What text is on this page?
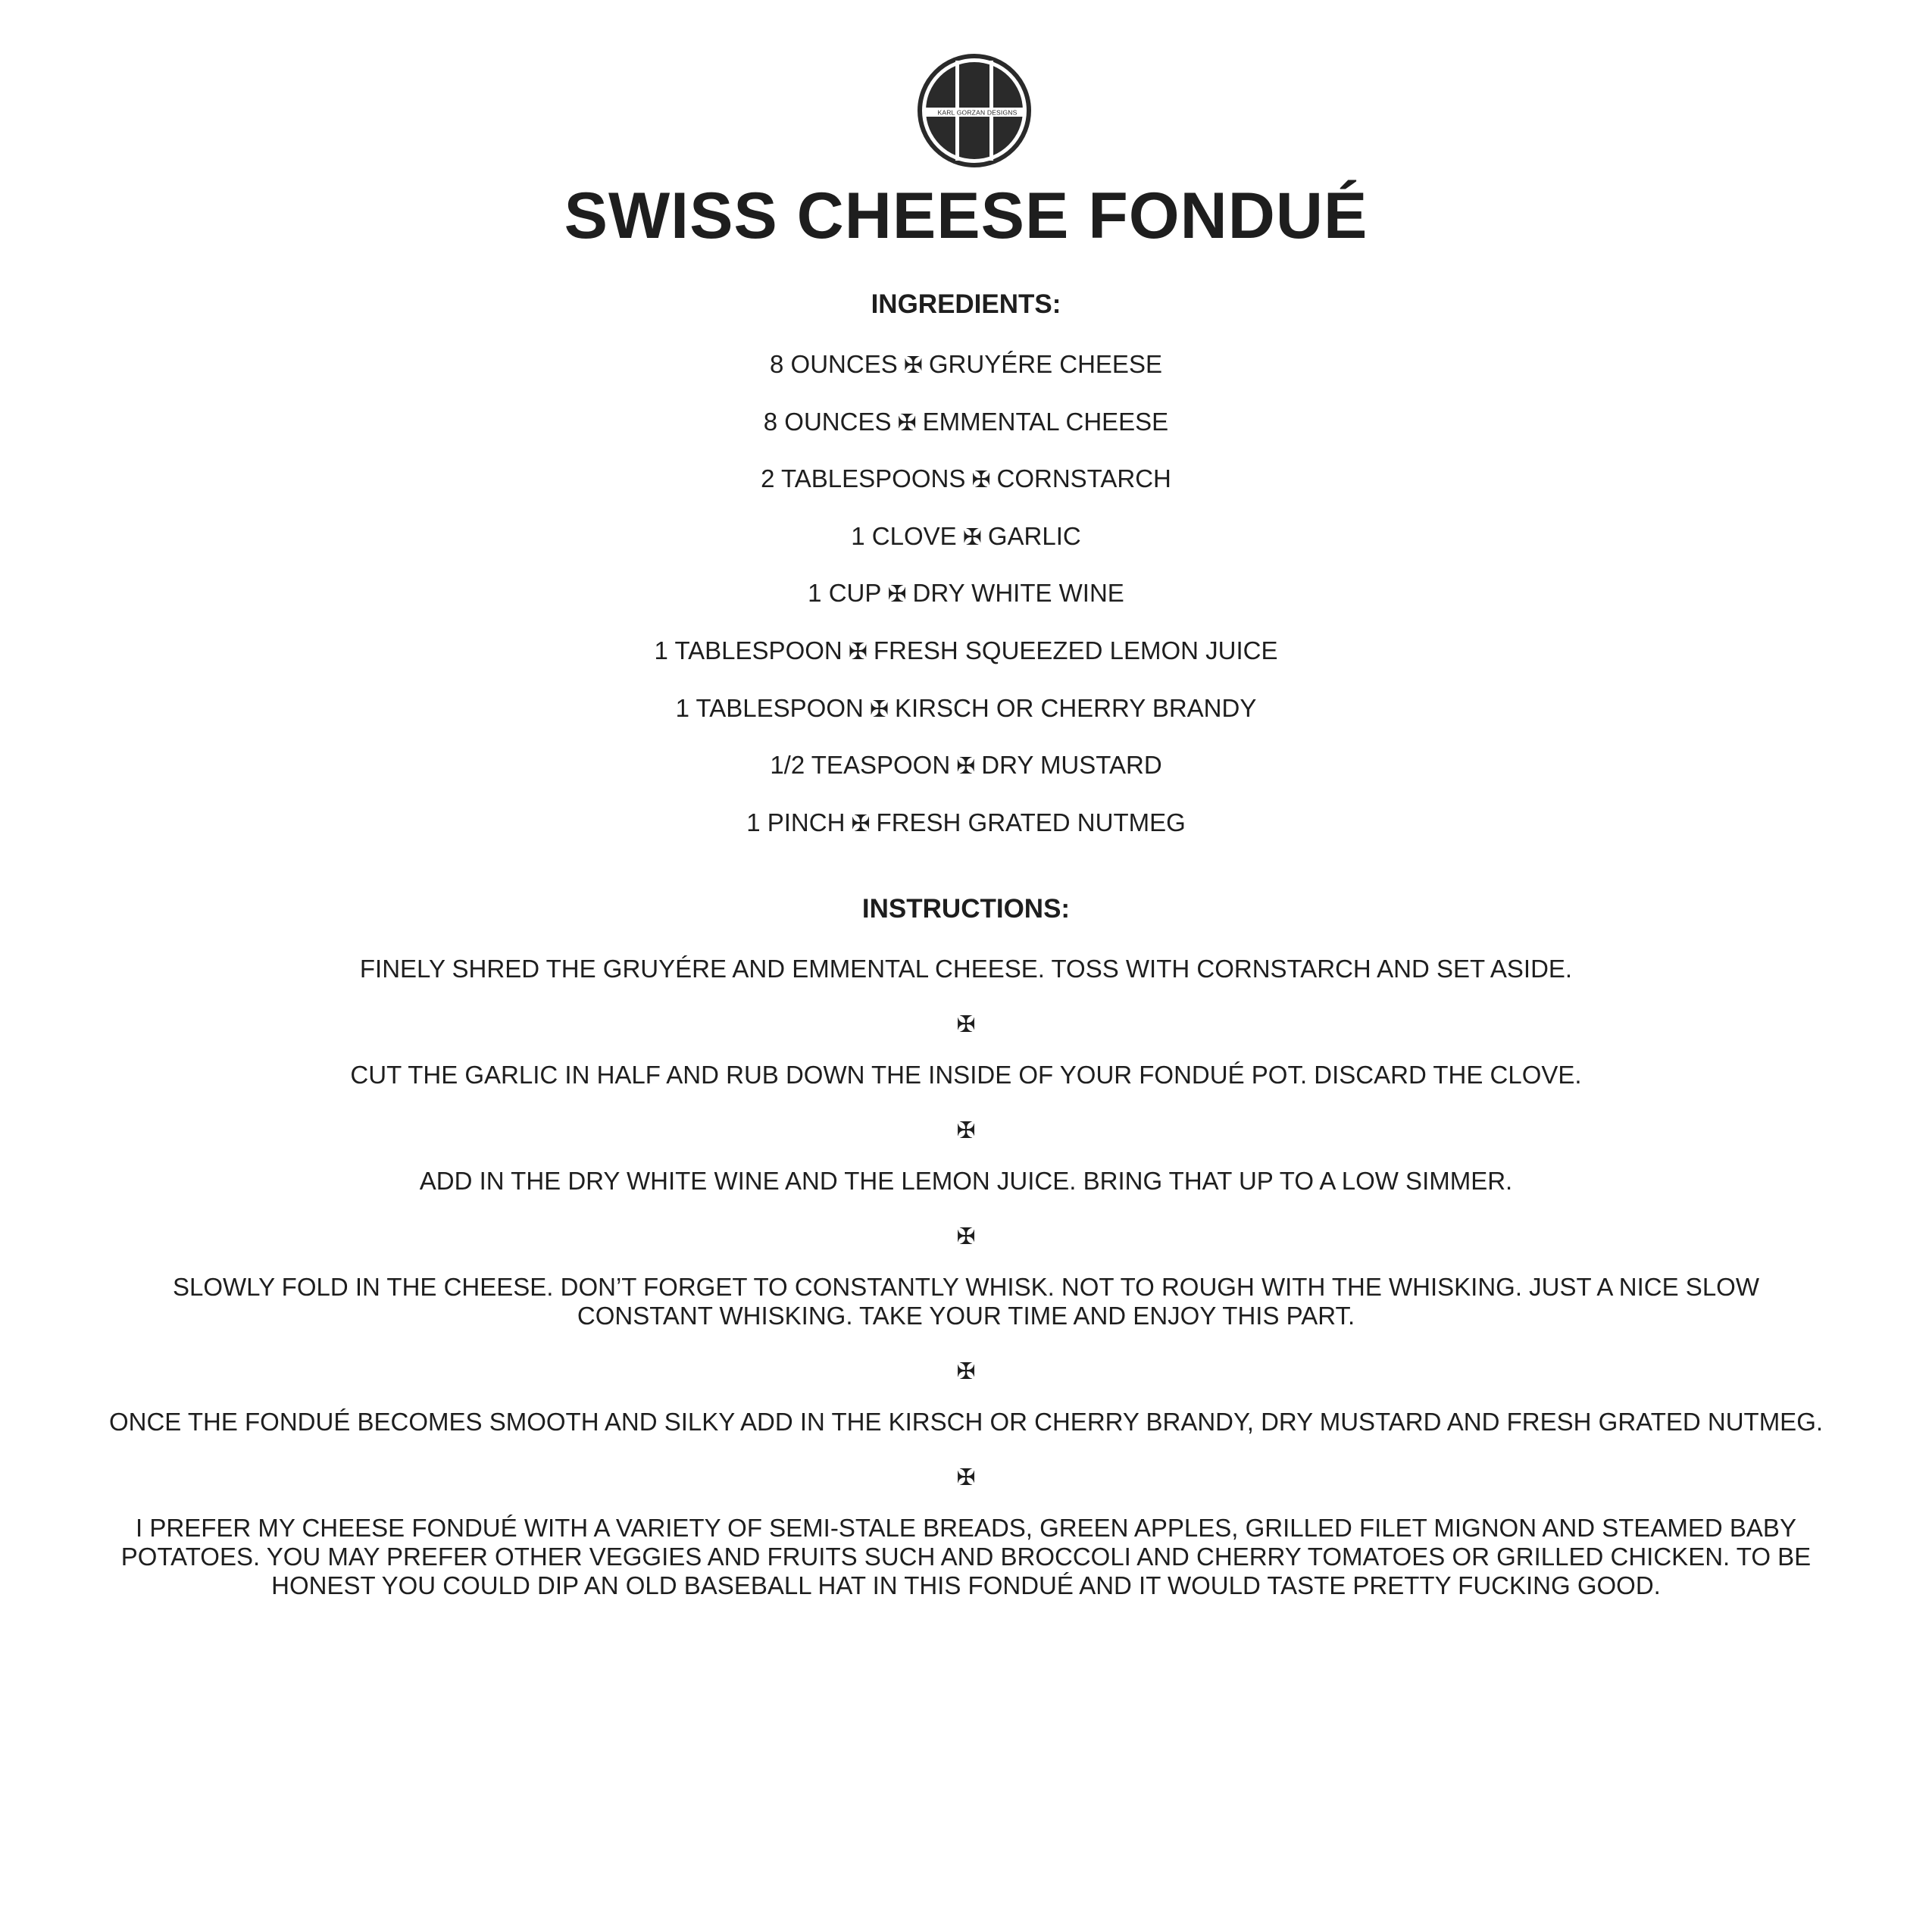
KARL GORZAN DESIGNS
SWISS CHEESE FONDUÉ
INGREDIENTS:
8 OUNCES ✠ GRUYÉRE CHEESE
8 OUNCES ✠ EMMENTAL CHEESE
2 TABLESPOONS ✠ CORNSTARCH
1 CLOVE ✠ GARLIC
1 CUP ✠ DRY WHITE WINE
1 TABLESPOON ✠ FRESH SQUEEZED LEMON JUICE
1 TABLESPOON ✠ KIRSCH OR CHERRY BRANDY
1/2 TEASPOON ✠ DRY MUSTARD
1 PINCH ✠ FRESH GRATED NUTMEG
INSTRUCTIONS:

FINELY SHRED THE GRUYÉRE AND EMMENTAL CHEESE. TOSS WITH CORNSTARCH AND SET ASIDE.

✠

CUT THE GARLIC IN HALF AND RUB DOWN THE INSIDE OF YOUR FONDUÉ POT. DISCARD THE CLOVE.

✠

ADD IN THE DRY WHITE WINE AND THE LEMON JUICE. BRING THAT UP TO A LOW SIMMER.

✠

SLOWLY FOLD IN THE CHEESE. DON’T FORGET TO CONSTANTLY WHISK. NOT TO ROUGH WITH THE WHISKING. JUST A NICE SLOW CONSTANT WHISKING. TAKE YOUR TIME AND ENJOY THIS PART.

✠

ONCE THE FONDUÉ BECOMES SMOOTH AND SILKY ADD IN THE KIRSCH OR CHERRY BRANDY, DRY MUSTARD AND FRESH GRATED NUTMEG.

✠

I PREFER MY CHEESE FONDUÉ WITH A VARIETY OF SEMI-STALE BREADS, GREEN APPLES, GRILLED FILET MIGNON AND STEAMED BABY POTATOES. YOU MAY PREFER OTHER VEGGIES AND FRUITS SUCH AND BROCCOLI AND CHERRY TOMATOES OR GRILLED CHICKEN. TO BE HONEST YOU COULD DIP AN OLD BASEBALL HAT IN THIS FONDUÉ AND IT WOULD TASTE PRETTY FUCKING GOOD.
